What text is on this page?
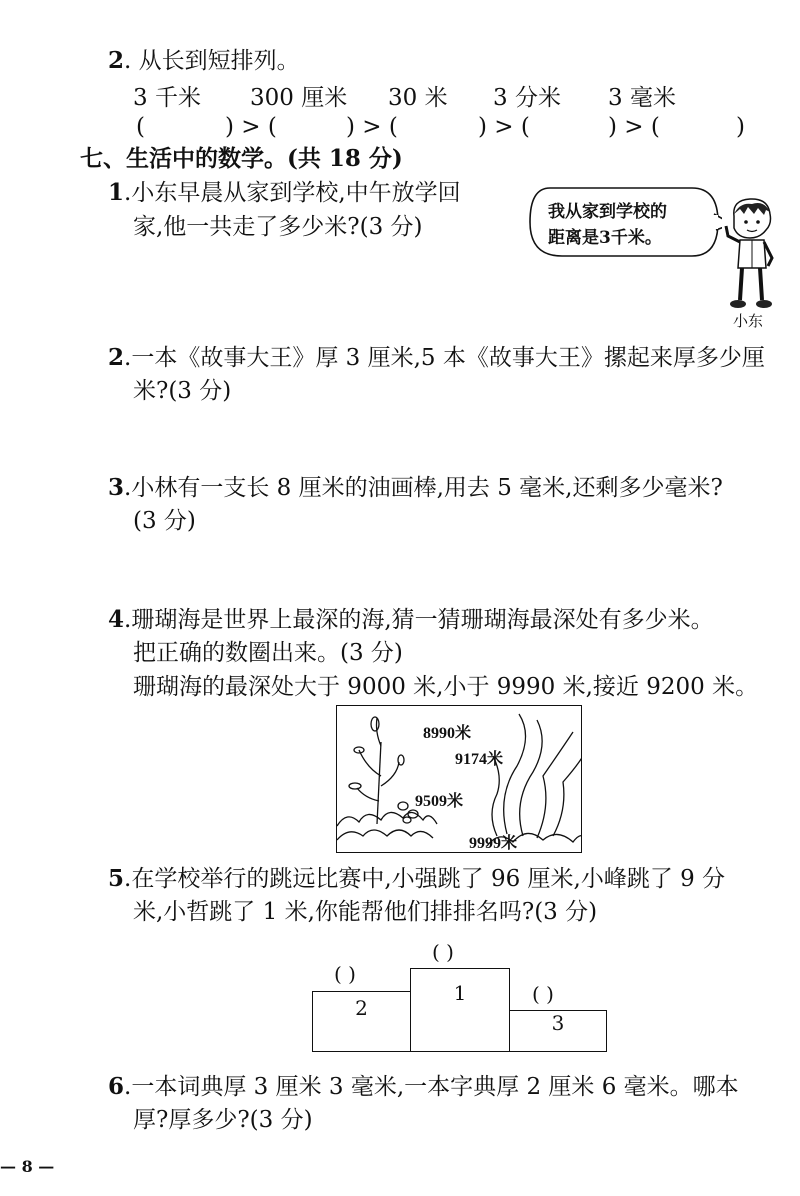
2. 从长到短排列。
3 千米 300 厘米 30 米 3 分米 3 毫米
(	) > (	) > (	) > (	) > (	)
七、生活中的数学。(共 18 分)
1.小东早晨从家到学校,中午放学回
家,他一共走了多少米?(3 分)
我从家到学校的
距离是3千米。
小东
2.一本《故事大王》厚 3 厘米,5 本《故事大王》摞起来厚多少厘
米?(3 分)
3.小林有一支长 8 厘米的油画棒,用去 5 毫米,还剩多少毫米?
(3 分)
4.珊瑚海是世界上最深的海,猜一猜珊瑚海最深处有多少米。
把正确的数圈出来。(3 分)
珊瑚海的最深处大于 9000 米,小于 9990 米,接近 9200 米。
8990米
9174米
9509米
9999米
5.在学校举行的跳远比赛中,小强跳了 96 厘米,小峰跳了 9 分
米,小哲跳了 1 米,你能帮他们排排名吗?(3 分)
( )
( )
( )
2
1
3
6.一本词典厚 3 厘米 3 毫米,一本字典厚 2 厘米 6 毫米。哪本
厚?厚多少?(3 分)
— 8 —
